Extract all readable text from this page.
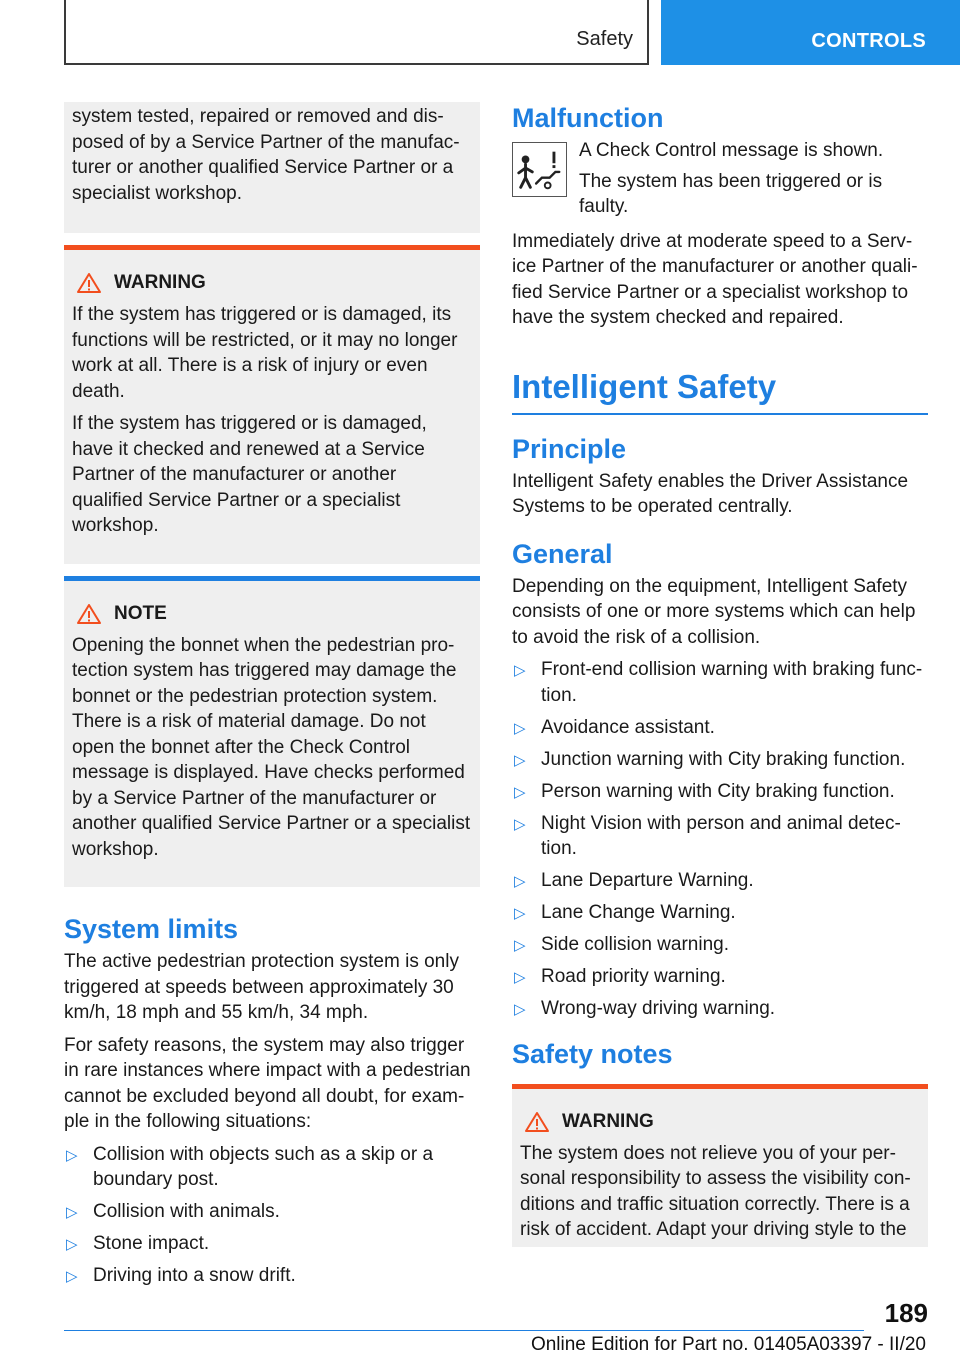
Safety	CONTROLS

system tested, repaired or removed and dis-posed of by a Service Partner of the manufac-turer or another qualified Service Partner or a specialist workshop.

WARNING

If the system has triggered or is damaged, its functions will be restricted, or it may no longer work at all. There is a risk of injury or even death.

If the system has triggered or is damaged, have it checked and renewed at a Service Partner of the manufacturer or another qualified Service Partner or a specialist workshop.

NOTE

Opening the bonnet when the pedestrian pro-tection system has triggered may damage the bonnet or the pedestrian protection system. There is a risk of material damage. Do not open the bonnet after the Check Control message is displayed. Have checks performed by a Service Partner of the manufacturer or another qualified Service Partner or a specialist workshop.

System limits

The active pedestrian protection system is only triggered at speeds between approximately 30 km/h, 18 mph and 55 km/h, 34 mph.

For safety reasons, the system may also trigger in rare instances where impact with a pedestrian cannot be excluded beyond all doubt, for exam-ple in the following situations:

▷ Collision with objects such as a skip or a boundary post.
▷ Collision with animals.
▷ Stone impact.
▷ Driving into a snow drift.
Malfunction

A Check Control message is shown.

The system has been triggered or is faulty.

Immediately drive at moderate speed to a Serv-ice Partner of the manufacturer or another quali-fied Service Partner or a specialist workshop to have the system checked and repaired.

Intelligent Safety
Principle

Intelligent Safety enables the Driver Assistance Systems to be operated centrally.

General

Depending on the equipment, Intelligent Safety consists of one or more systems which can help to avoid the risk of a collision.

▷ Front-end collision warning with braking func-tion.
▷ Avoidance assistant.
▷ Junction warning with City braking function.
▷ Person warning with City braking function.
▷ Night Vision with person and animal detec-tion.
▷ Lane Departure Warning.
▷ Lane Change Warning.
▷ Side collision warning.
▷ Road priority warning.
▷ Wrong-way driving warning.
Safety notes
WARNING

The system does not relieve you of your per-sonal responsibility to assess the visibility con-ditions and traffic situation correctly. There is a risk of accident. Adapt your driving style to the

189
Online Edition for Part no. 01405A03397 - II/20
